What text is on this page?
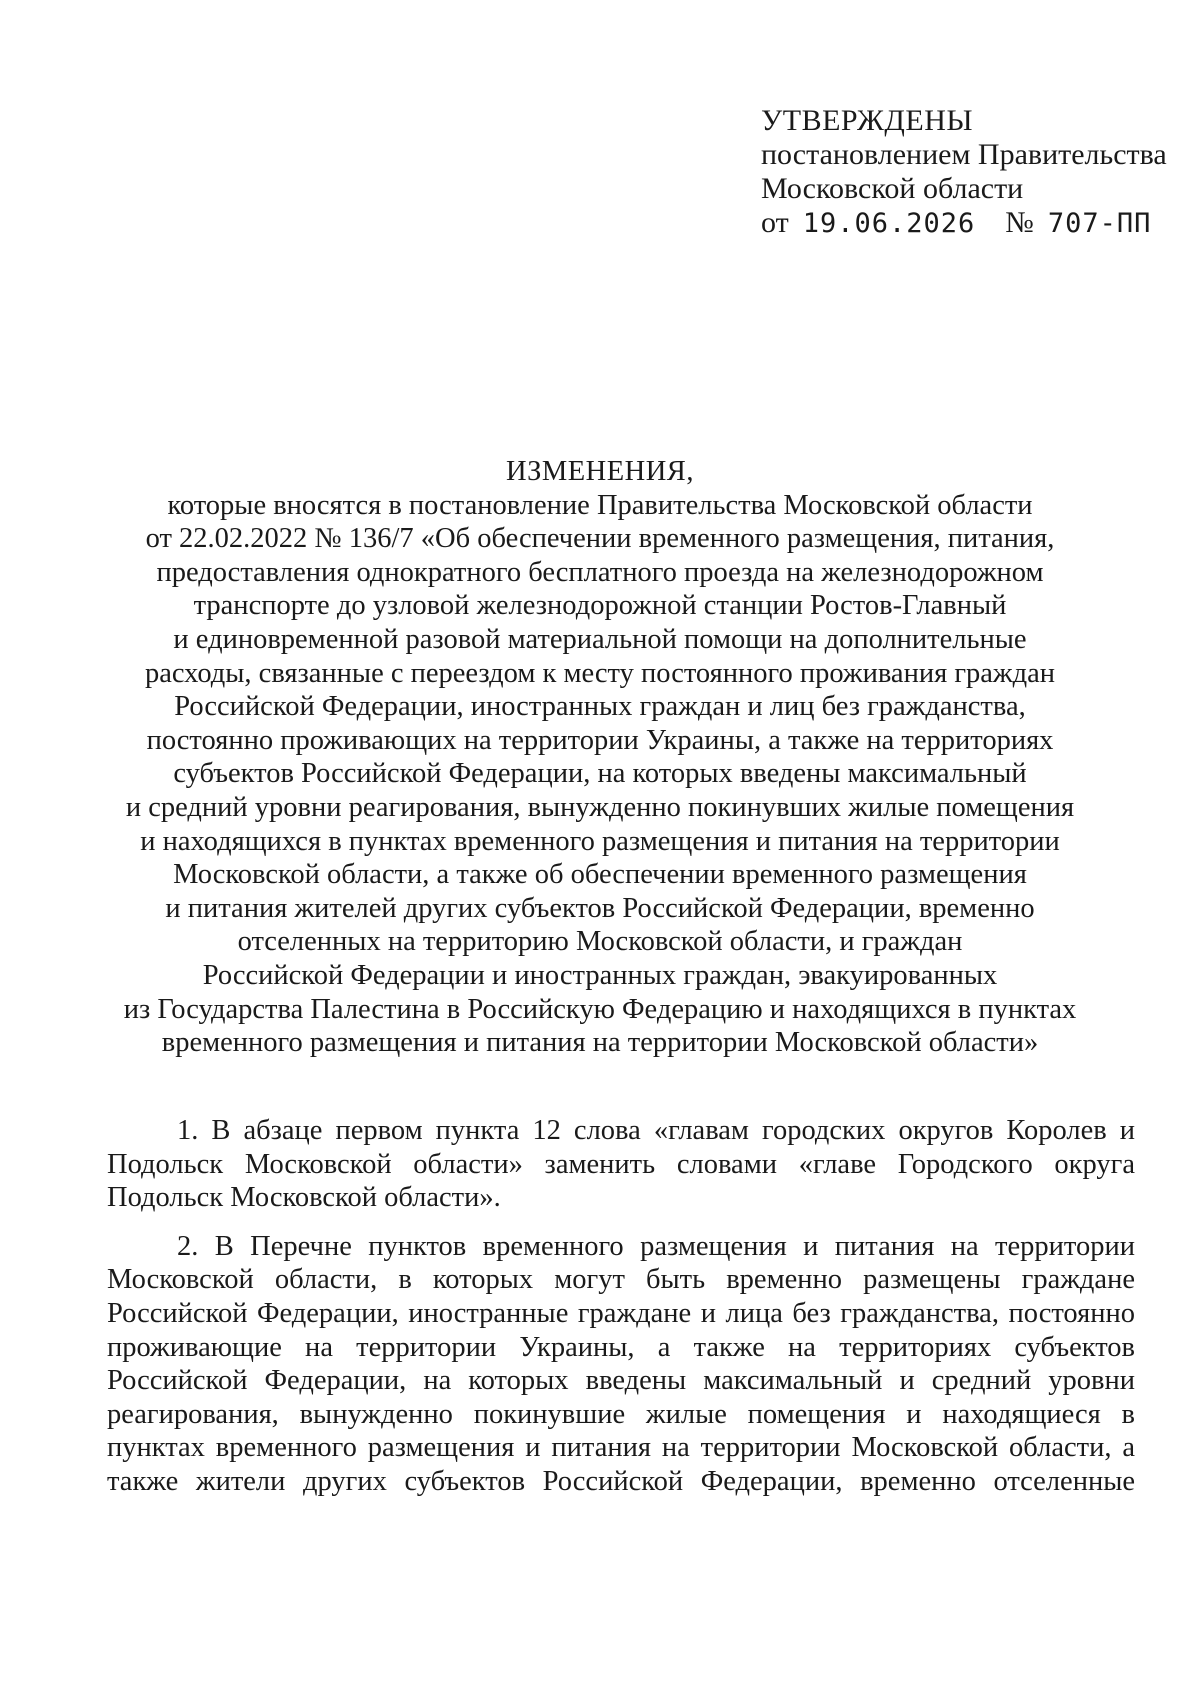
УТВЕРЖДЕНЫ
постановлением Правительства
Московской области
от 19.06.2026 № 707-ПП
ИЗМЕНЕНИЯ,
которые вносятся в постановление Правительства Московской области
от 22.02.2022 № 136/7 «Об обеспечении временного размещения, питания,
предоставления однократного бесплатного проезда на железнодорожном
транспорте до узловой железнодорожной станции Ростов-Главный
и единовременной разовой материальной помощи на дополнительные
расходы, связанные с переездом к месту постоянного проживания граждан
Российской Федерации, иностранных граждан и лиц без гражданства,
постоянно проживающих на территории Украины, а также на территориях
субъектов Российской Федерации, на которых введены максимальный
и средний уровни реагирования, вынужденно покинувших жилые помещения
и находящихся в пунктах временного размещения и питания на территории
Московской области, а также об обеспечении временного размещения
и питания жителей других субъектов Российской Федерации, временно
отселенных на территорию Московской области, и граждан
Российской Федерации и иностранных граждан, эвакуированных
из Государства Палестина в Российскую Федерацию и находящихся в пунктах
временного размещения и питания на территории Московской области»

1. В абзаце первом пункта 12 слова «главам городских округов Королев и Подольск Московской области» заменить словами «главе Городского округа Подольск Московской области».

2. В Перечне пунктов временного размещения и питания на территории Московской области, в которых могут быть временно размещены граждане Российской Федерации, иностранные граждане и лица без гражданства, постоянно проживающие на территории Украины, а также на территориях субъектов Российской Федерации, на которых введены максимальный и средний уровни реагирования, вынужденно покинувшие жилые помещения и находящиеся в пунктах временного размещения и питания на территории Московской области, а также жители других субъектов Российской Федерации, временно отселенные
